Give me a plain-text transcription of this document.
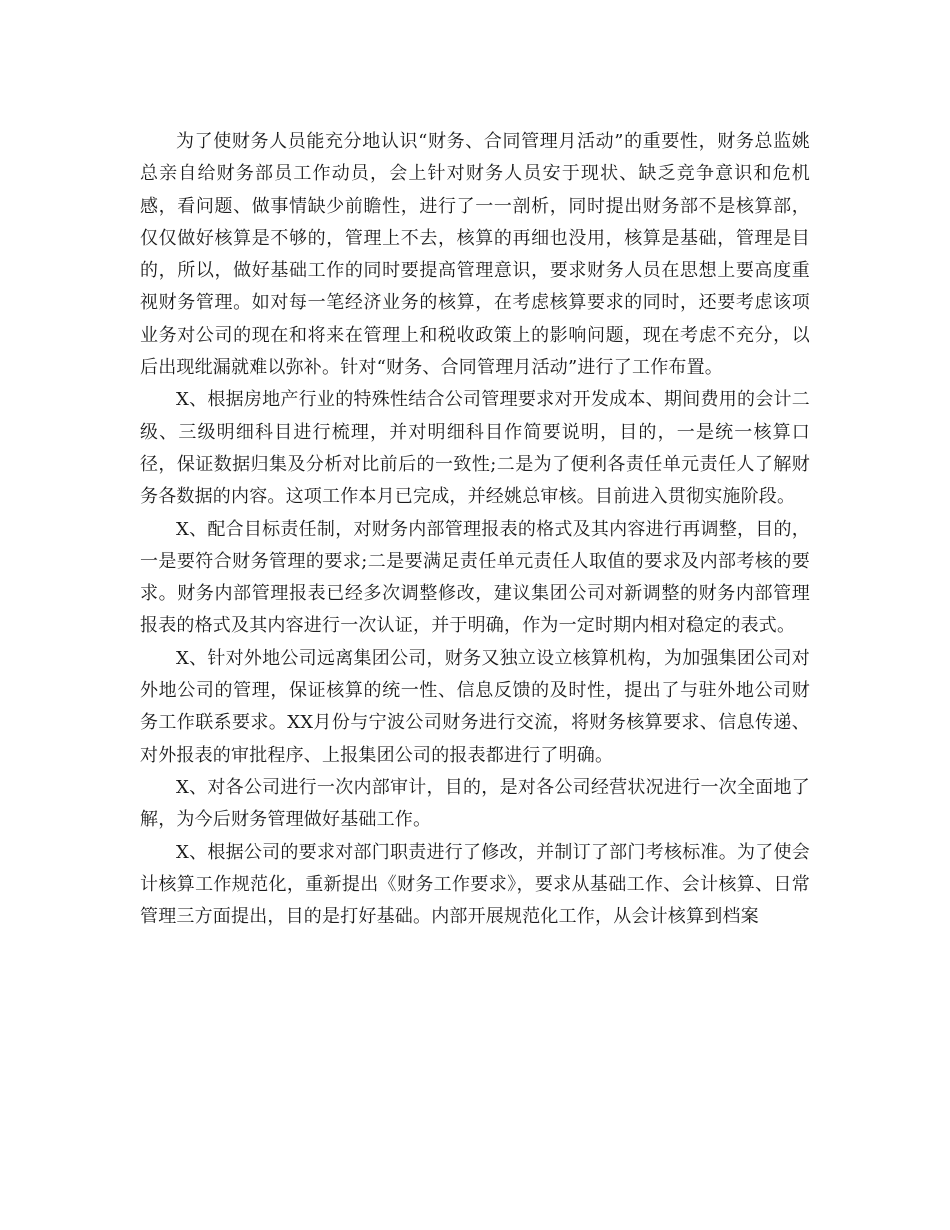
为了使财务人员能充分地认识“财务、合同管理月活动”的重要性，财务总监姚总亲自给财务部员工作动员，会上针对财务人员安于现状、缺乏竞争意识和危机感，看问题、做事情缺少前瞻性，进行了一一剖析，同时提出财务部不是核算部，仅仅做好核算是不够的，管理上不去，核算的再细也没用，核算是基础，管理是目的，所以，做好基础工作的同时要提高管理意识，要求财务人员在思想上要高度重视财务管理。如对每一笔经济业务的核算，在考虑核算要求的同时，还要考虑该项业务对公司的现在和将来在管理上和税收政策上的影响问题，现在考虑不充分，以后出现纰漏就难以弥补。针对“财务、合同管理月活动”进行了工作布置。

X、根据房地产行业的特殊性结合公司管理要求对开发成本、期间费用的会计二级、三级明细科目进行梳理，并对明细科目作简要说明，目的，一是统一核算口径，保证数据归集及分析对比前后的一致性;二是为了便利各责任单元责任人了解财务各数据的内容。这项工作本月已完成，并经姚总审核。目前进入贯彻实施阶段。

X、配合目标责任制，对财务内部管理报表的格式及其内容进行再调整，目的，一是要符合财务管理的要求;二是要满足责任单元责任人取值的要求及内部考核的要求。财务内部管理报表已经多次调整修改，建议集团公司对新调整的财务内部管理报表的格式及其内容进行一次认证，并于明确，作为一定时期内相对稳定的表式。

X、针对外地公司远离集团公司，财务又独立设立核算机构，为加强集团公司对外地公司的管理，保证核算的统一性、信息反馈的及时性，提出了与驻外地公司财务工作联系要求。XX月份与宁波公司财务进行交流，将财务核算要求、信息传递、对外报表的审批程序、上报集团公司的报表都进行了明确。

X、对各公司进行一次内部审计，目的，是对各公司经营状况进行一次全面地了解，为今后财务管理做好基础工作。

X、根据公司的要求对部门职责进行了修改，并制订了部门考核标准。为了使会计核算工作规范化，重新提出《财务工作要求》，要求从基础工作、会计核算、日常管理三方面提出，目的是打好基础。内部开展规范化工作，从会计核算到档案
